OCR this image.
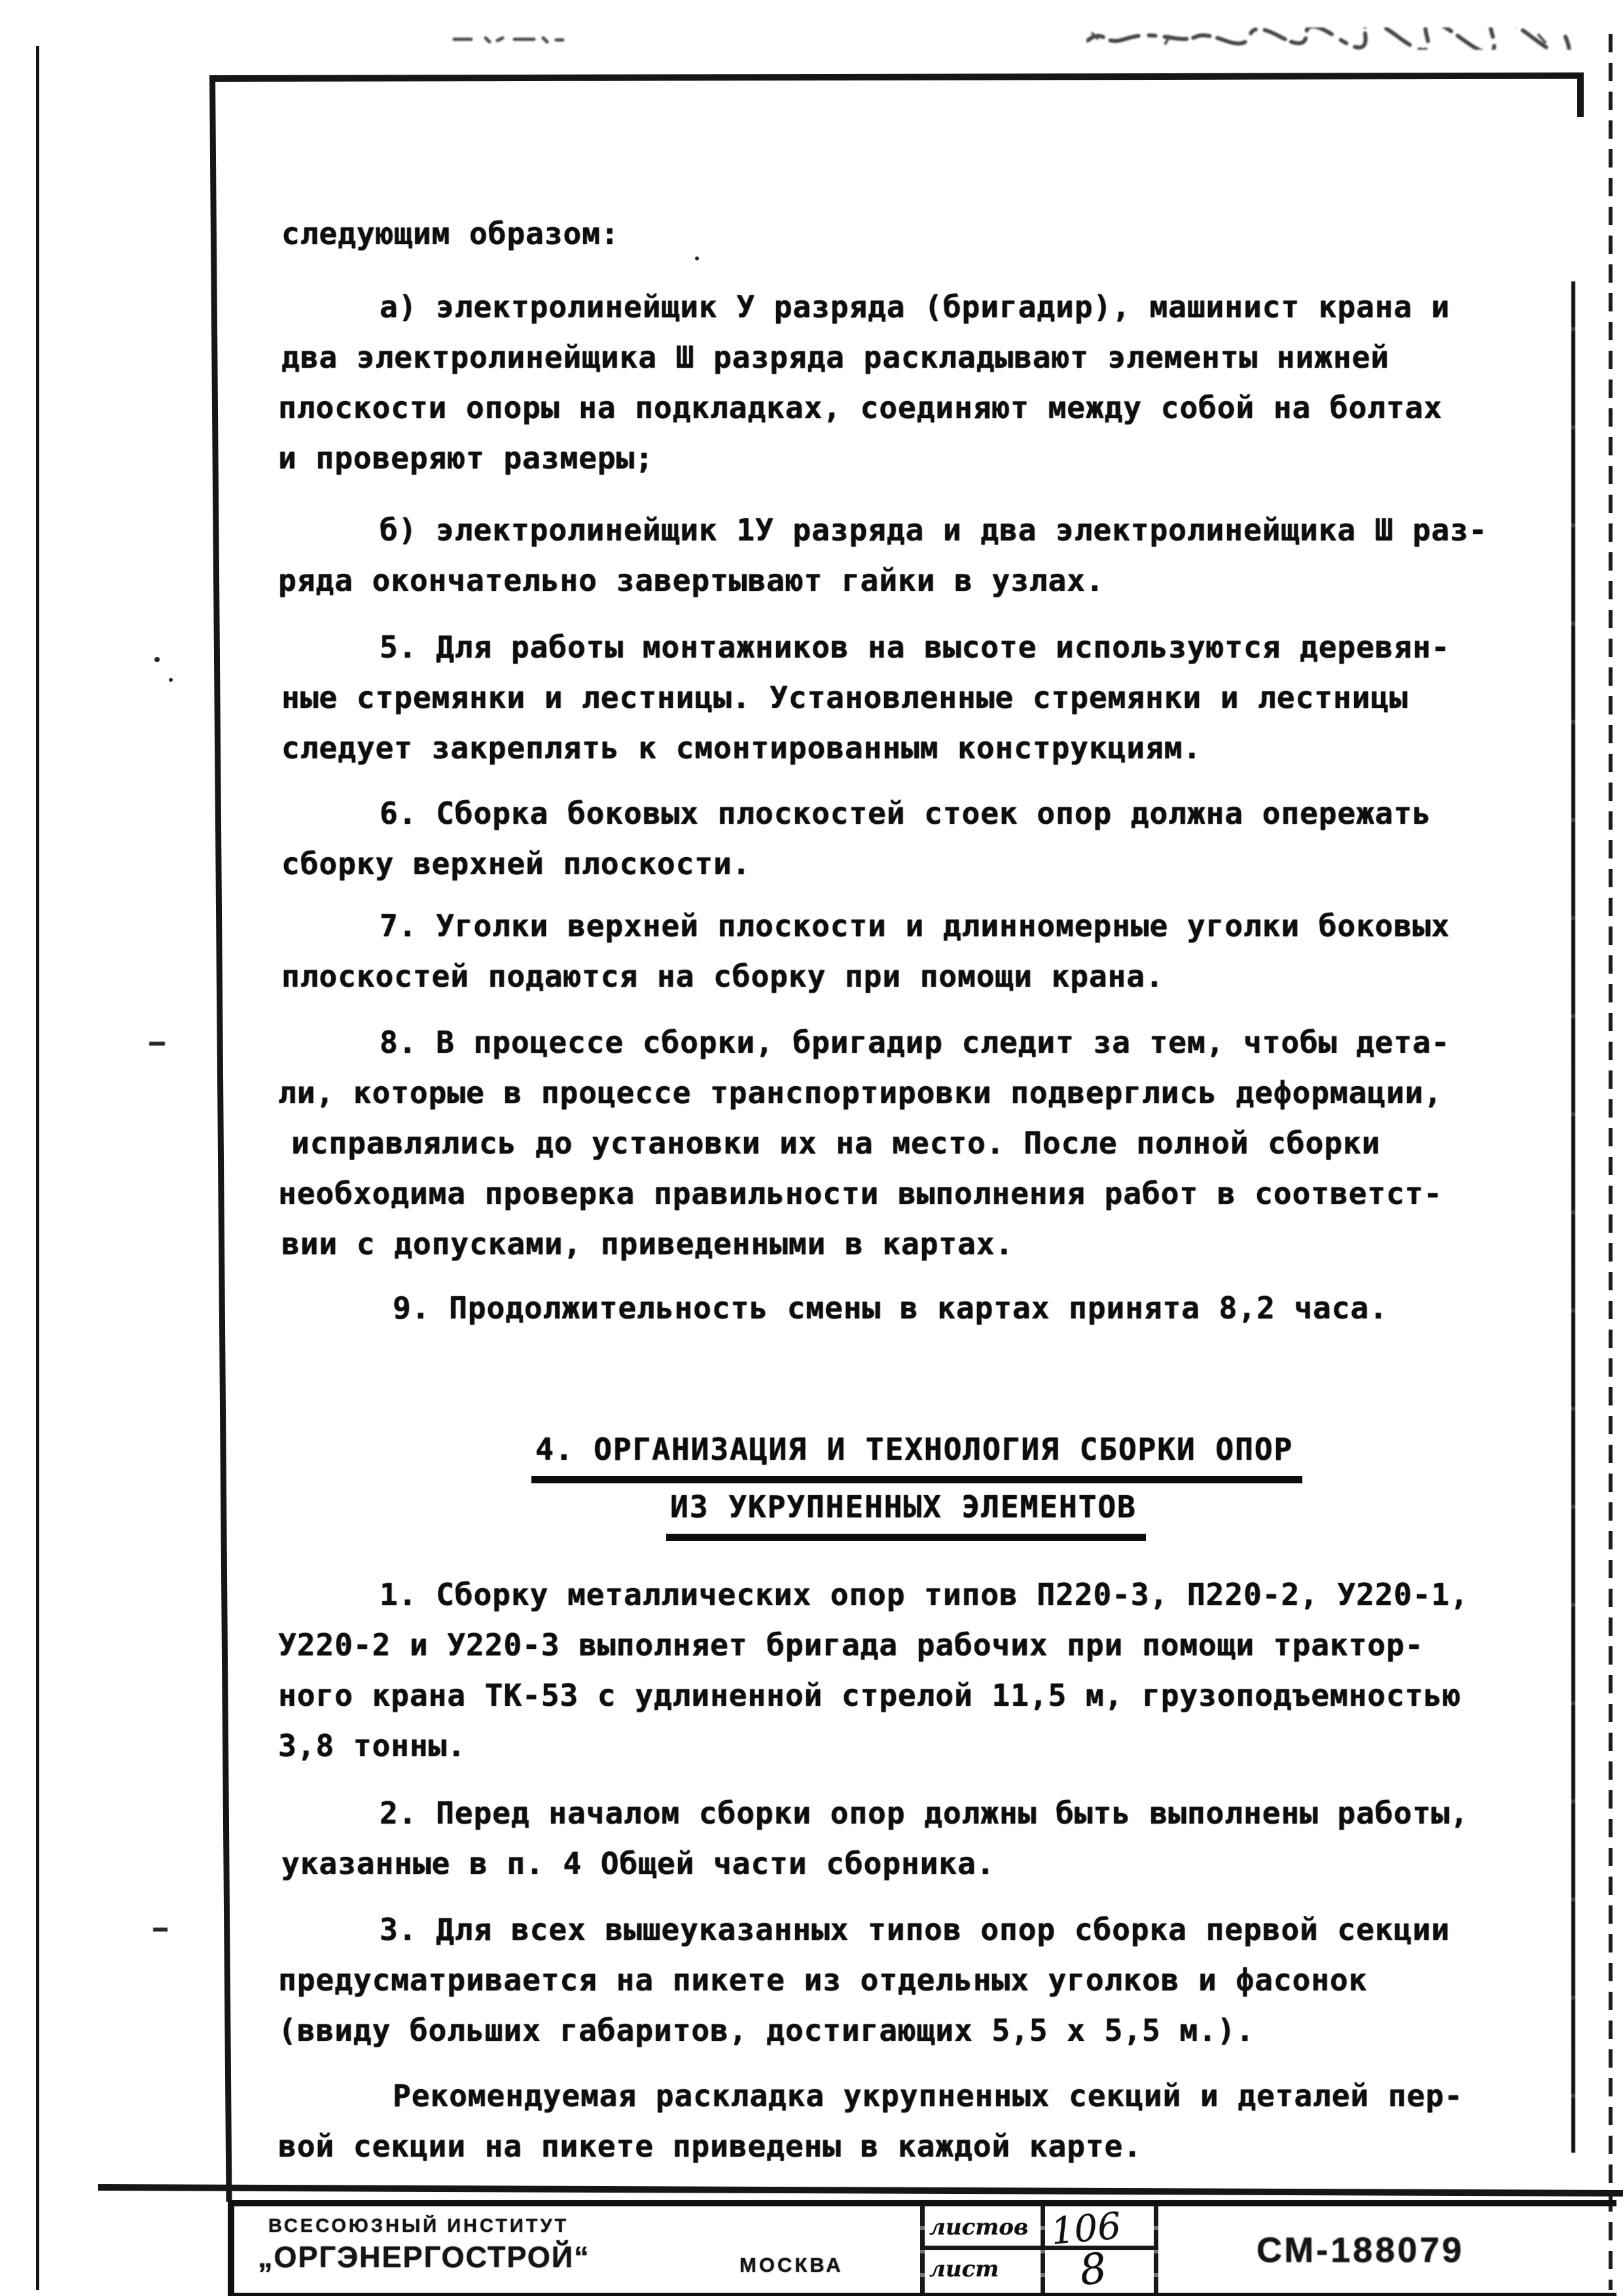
следующим образом:
а) электролинейщик У разряда (бригадир), машинист крана и
два электролинейщика Ш разряда раскладывают элементы нижней
плоскости опоры на подкладках, соединяют между собой на болтах
и проверяют размеры;
б) электролинейщик 1У разряда и два электролинейщика Ш раз-
ряда окончательно завертывают гайки в узлах.
5. Для работы монтажников на высоте используются деревян-
ные стремянки и лестницы. Установленные стремянки и лестницы
следует закреплять к смонтированным конструкциям.
6. Сборка боковых плоскостей стоек опор должна опережать
сборку верхней плоскости.
7. Уголки верхней плоскости и длинномерные уголки боковых
плоскостей подаются на сборку при помощи крана.
8. В процессе сборки, бригадир следит за тем, чтобы дета-
ли, которые в процессе транспортировки подверглись деформации,
исправлялись до установки их на место. После полной сборки
необходима проверка правильности выполнения работ в соответст-
вии с допусками, приведенными в картах.
9. Продолжительность смены в картах принята 8,2 часа.
4. ОРГАНИЗАЦИЯ И ТЕХНОЛОГИЯ СБОРКИ ОПОР
ИЗ УКРУПНЕННЫХ ЭЛЕМЕНТОВ
1. Сборку металлических опор типов П220-3, П220-2, У220-1,
У220-2 и У220-3 выполняет бригада рабочих при помощи трактор-
ного крана ТК-53 с удлиненной стрелой 11,5 м, грузоподъемностью
3,8 тонны.
2. Перед началом сборки опор должны быть выполнены работы,
указанные в п. 4 Общей части сборника.
3. Для всех вышеуказанных типов опор сборка первой секции
предусматривается на пикете из отдельных уголков и фасонок
(ввиду больших габаритов, достигающих 5,5 х 5,5 м.).
Рекомендуемая раскладка укрупненных секций и деталей пер-
вой секции на пикете приведены в каждой карте.
ВСЕСОЮЗНЫЙ ИНСТИТУТ
„ОРГЭНЕРГОСТРОЙ“	МОСКВА
листов 106
лист 8	СМ-188079
